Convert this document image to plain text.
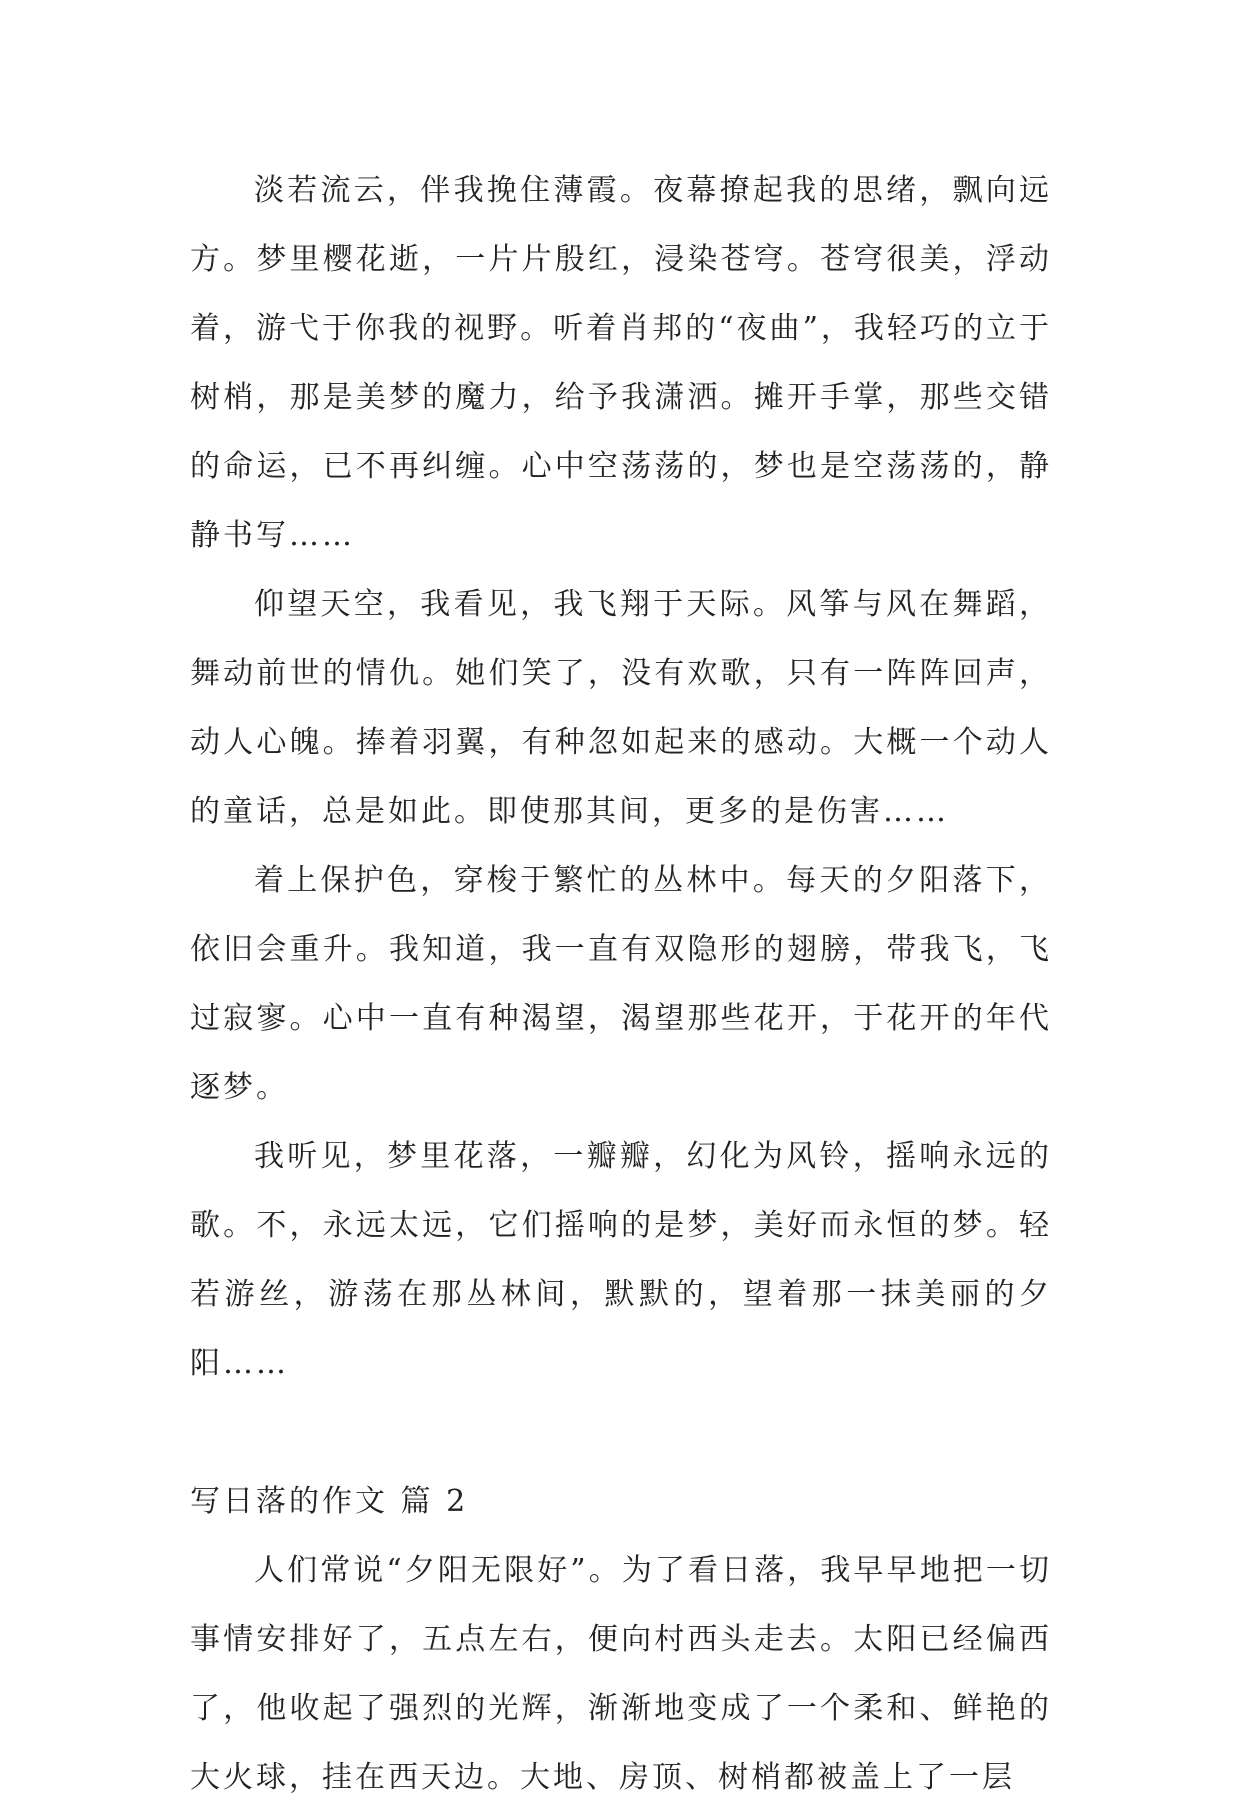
淡若流云，伴我挽住薄霞。夜幕撩起我的思绪，飘向远方。梦里樱花逝，一片片殷红，浸染苍穹。苍穹很美，浮动着，游弋于你我的视野。听着肖邦的“夜曲”，我轻巧的立于树梢，那是美梦的魔力，给予我潇洒。摊开手掌，那些交错的命运，已不再纠缠。心中空荡荡的，梦也是空荡荡的，静静书写……

仰望天空，我看见，我飞翔于天际。风筝与风在舞蹈，舞动前世的情仇。她们笑了，没有欢歌，只有一阵阵回声，动人心魄。捧着羽翼，有种忽如起来的感动。大概一个动人的童话，总是如此。即使那其间，更多的是伤害……

着上保护色，穿梭于繁忙的丛林中。每天的夕阳落下，依旧会重升。我知道，我一直有双隐形的翅膀，带我飞，飞过寂寥。心中一直有种渴望，渴望那些花开，于花开的年代逐梦。

我听见，梦里花落，一瓣瓣，幻化为风铃，摇响永远的歌。不，永远太远，它们摇响的是梦，美好而永恒的梦。轻若游丝，游荡在那丛林间，默默的，望着那一抹美丽的夕阳……

写日落的作文 篇 2

人们常说“夕阳无限好”。为了看日落，我早早地把一切事情安排好了，五点左右，便向村西头走去。太阳已经偏西了，他收起了强烈的光辉，渐渐地变成了一个柔和、鲜艳的大火球，挂在西天边。大地、房顶、树梢都被盖上了一层
